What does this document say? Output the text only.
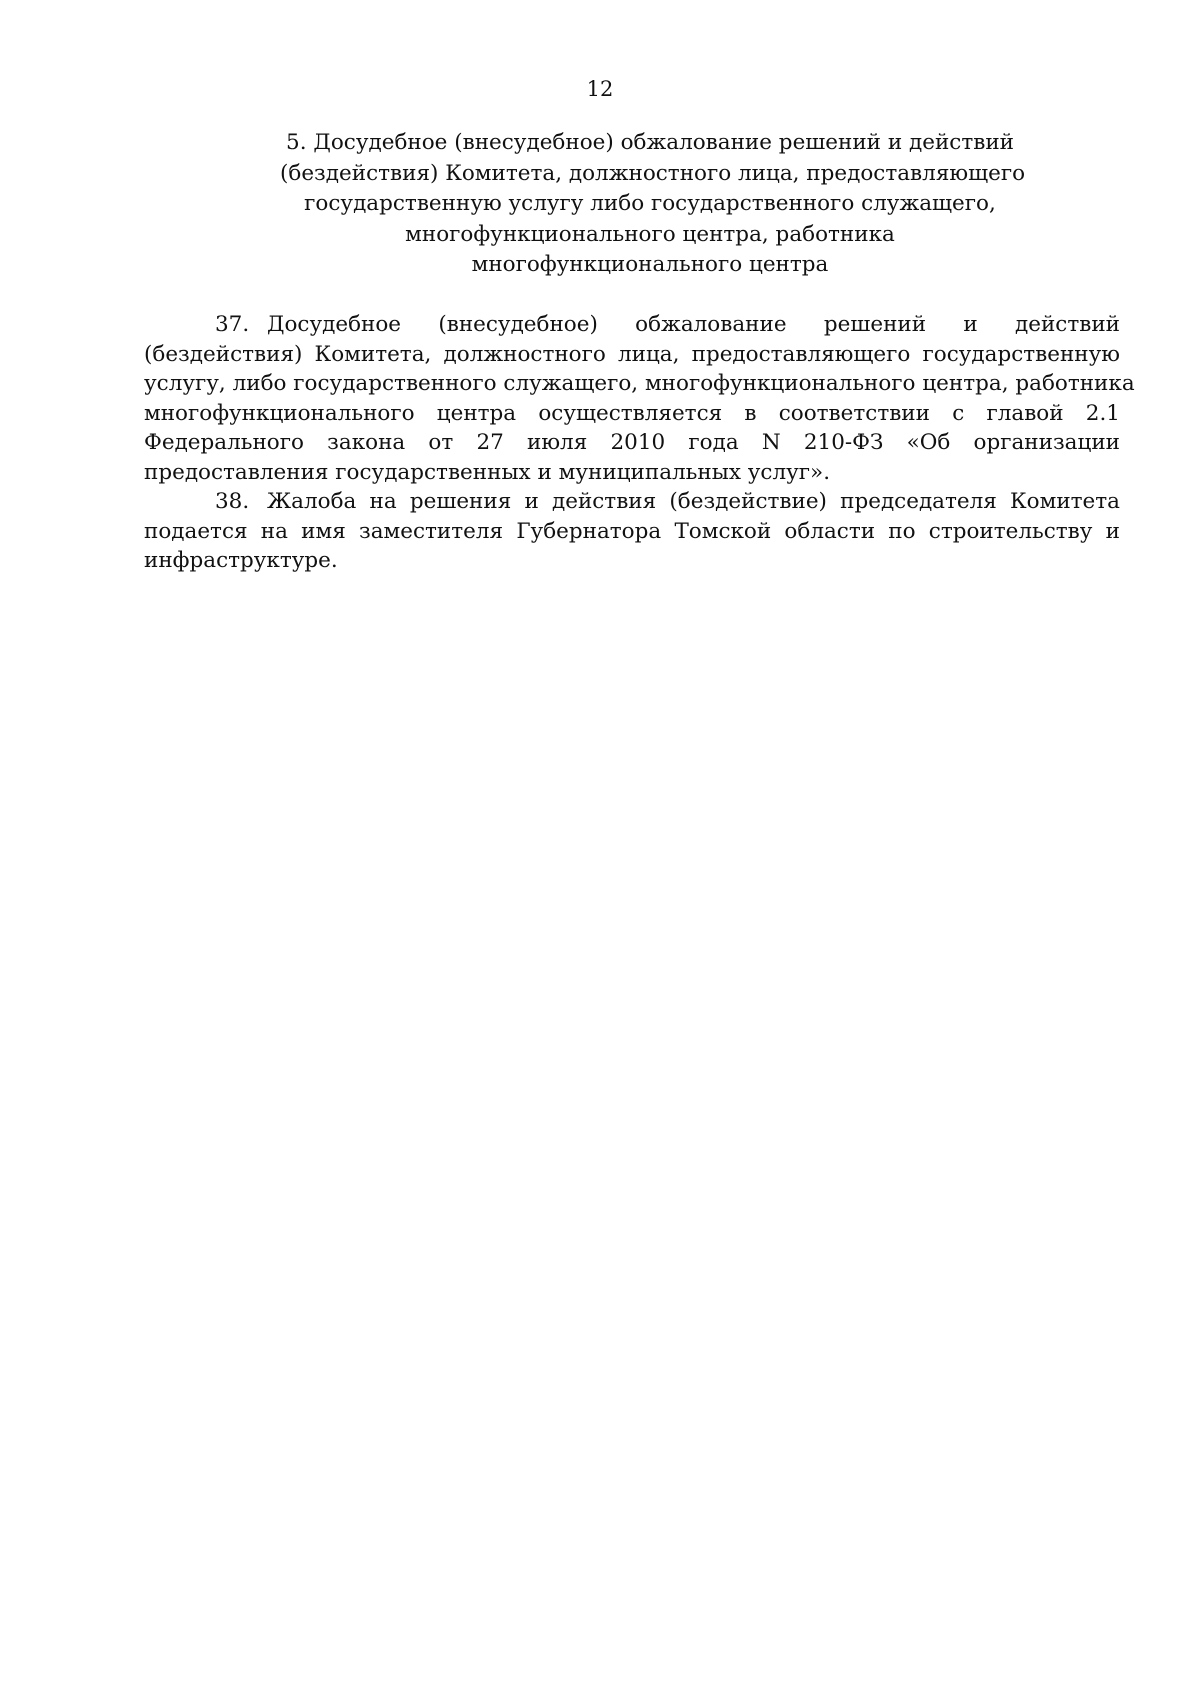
12
5. Досудебное (внесудебное) обжалование решений и действий
(бездействия) Комитета, должностного лица, предоставляющего
государственную услугу либо государственного служащего,
многофункционального центра, работника
многофункционального центра
37. Досудебное (внесудебное) обжалование решений и действий
(бездействия) Комитета, должностного лица, предоставляющего государственную
услугу, либо государственного служащего, многофункционального центра, работника
многофункционального центра осуществляется в соответствии с главой 2.1
Федерального закона от 27 июля 2010 года N 210-ФЗ «Об организации
предоставления государственных и муниципальных услуг».
38. Жалоба на решения и действия (бездействие) председателя Комитета
подается на имя заместителя Губернатора Томской области по строительству и
инфраструктуре.
